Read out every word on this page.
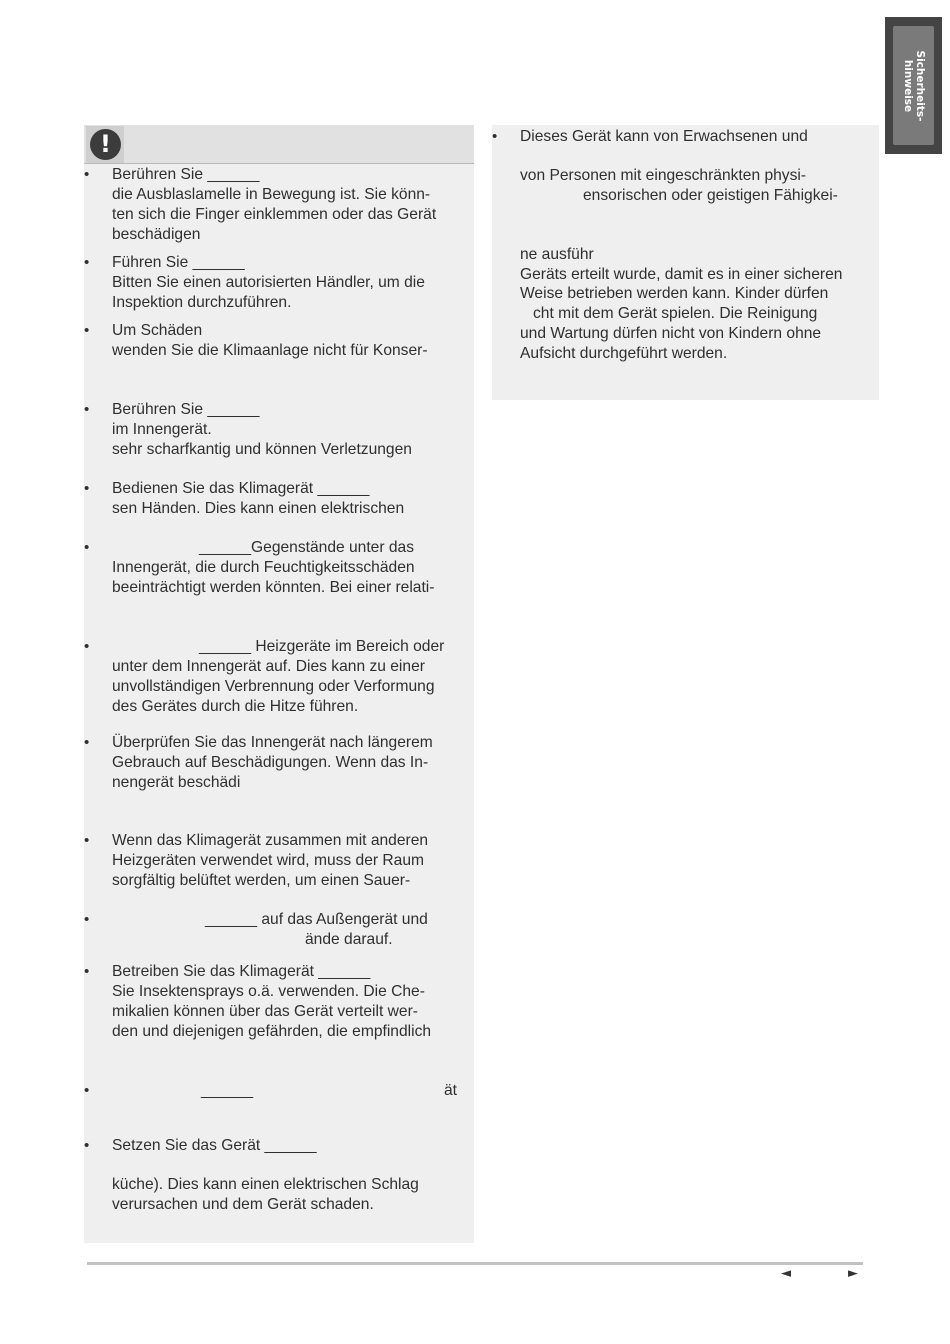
Sicherheits-
hinweise
!
• Berühren Sie ______
die Ausblaslamelle in Bewegung ist. Sie könn-
ten sich die Finger einklemmen oder das Gerät
beschädigen
• Führen Sie ______
Bitten Sie einen autorisierten Händler, um die
Inspektion durchzuführen.
• Um Schäden
wenden Sie die Klimaanlage nicht für Konser-
• Berühren Sie ______
im Innengerät.
sehr scharfkantig und können Verletzungen
• Bedienen Sie das Klimagerät ______
sen Händen. Dies kann einen elektrischen
•	______Gegenstände unter das
Innengerät, die durch Feuchtigkeitsschäden
beeinträchtigt werden könnten. Bei einer relati-
•	______ Heizgeräte im Bereich oder
unter dem Innengerät auf. Dies kann zu einer
unvollständigen Verbrennung oder Verformung
des Gerätes durch die Hitze führen.
• Überprüfen Sie das Innengerät nach längerem
Gebrauch auf Beschädigungen. Wenn das In-
nengerät beschädi
• Wenn das Klimagerät zusammen mit anderen
Heizgeräten verwendet wird, muss der Raum
sorgfältig belüftet werden, um einen Sauer-
•	______ auf das Außengerät und
ände darauf.
• Betreiben Sie das Klimagerät ______
Sie Insektensprays o.ä. verwenden. Die Che-
mikalien können über das Gerät verteilt wer-
den und diejenigen gefährden, die empfindlich
•	______	ät
• Setzen Sie das Gerät ______
küche). Dies kann einen elektrischen Schlag
verursachen und dem Gerät schaden.
• Dieses Gerät kann von Erwachsenen und
von Personen mit eingeschränkten physi-
ensorischen oder geistigen Fähigkei-
ne ausführ
Geräts erteilt wurde, damit es in einer sicheren
Weise betrieben werden kann. Kinder dürfen
cht mit dem Gerät spielen. Die Reinigung
und Wartung dürfen nicht von Kindern ohne
Aufsicht durchgeführt werden.
◄	►
